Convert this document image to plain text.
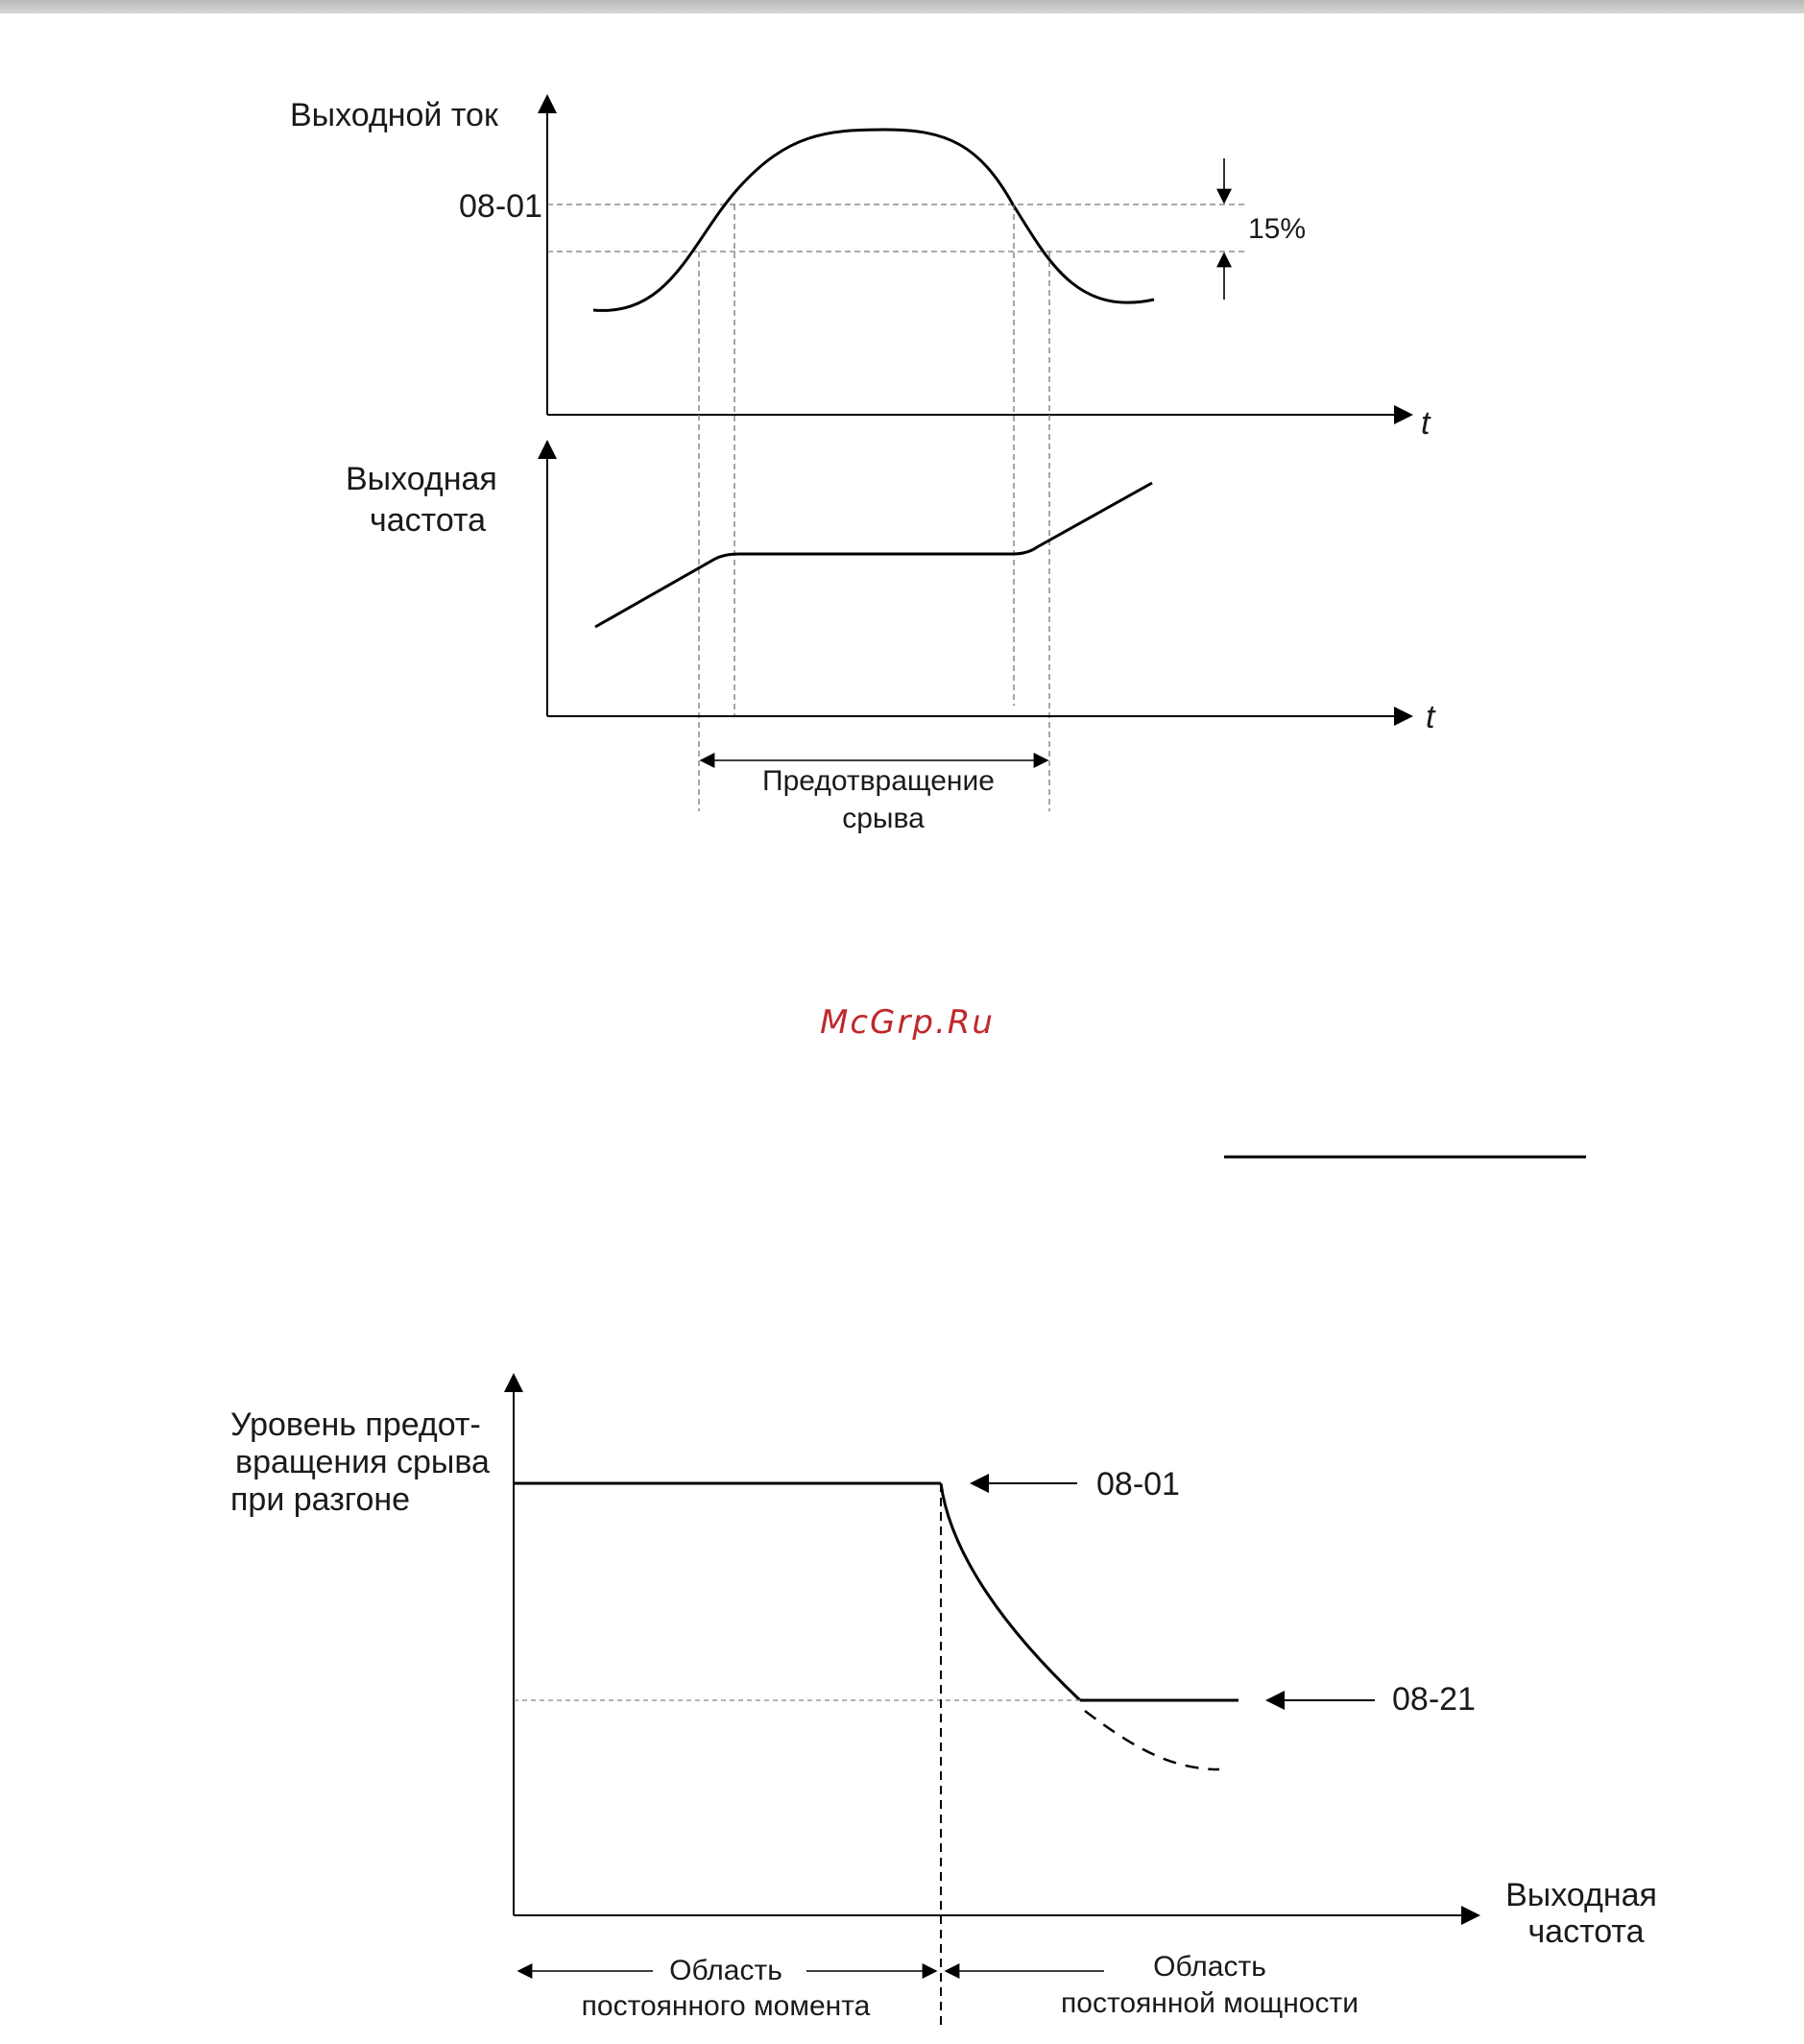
Выходной ток
t
08-01
15%
Выходная
частота
t
Предотвращение
срыва
McGrp.Ru
Уровень предот-
вращения срыва
при разгоне	08-01
08-21
Выходная
частота
Область
постоянного момента
Область
постоянной мощности
